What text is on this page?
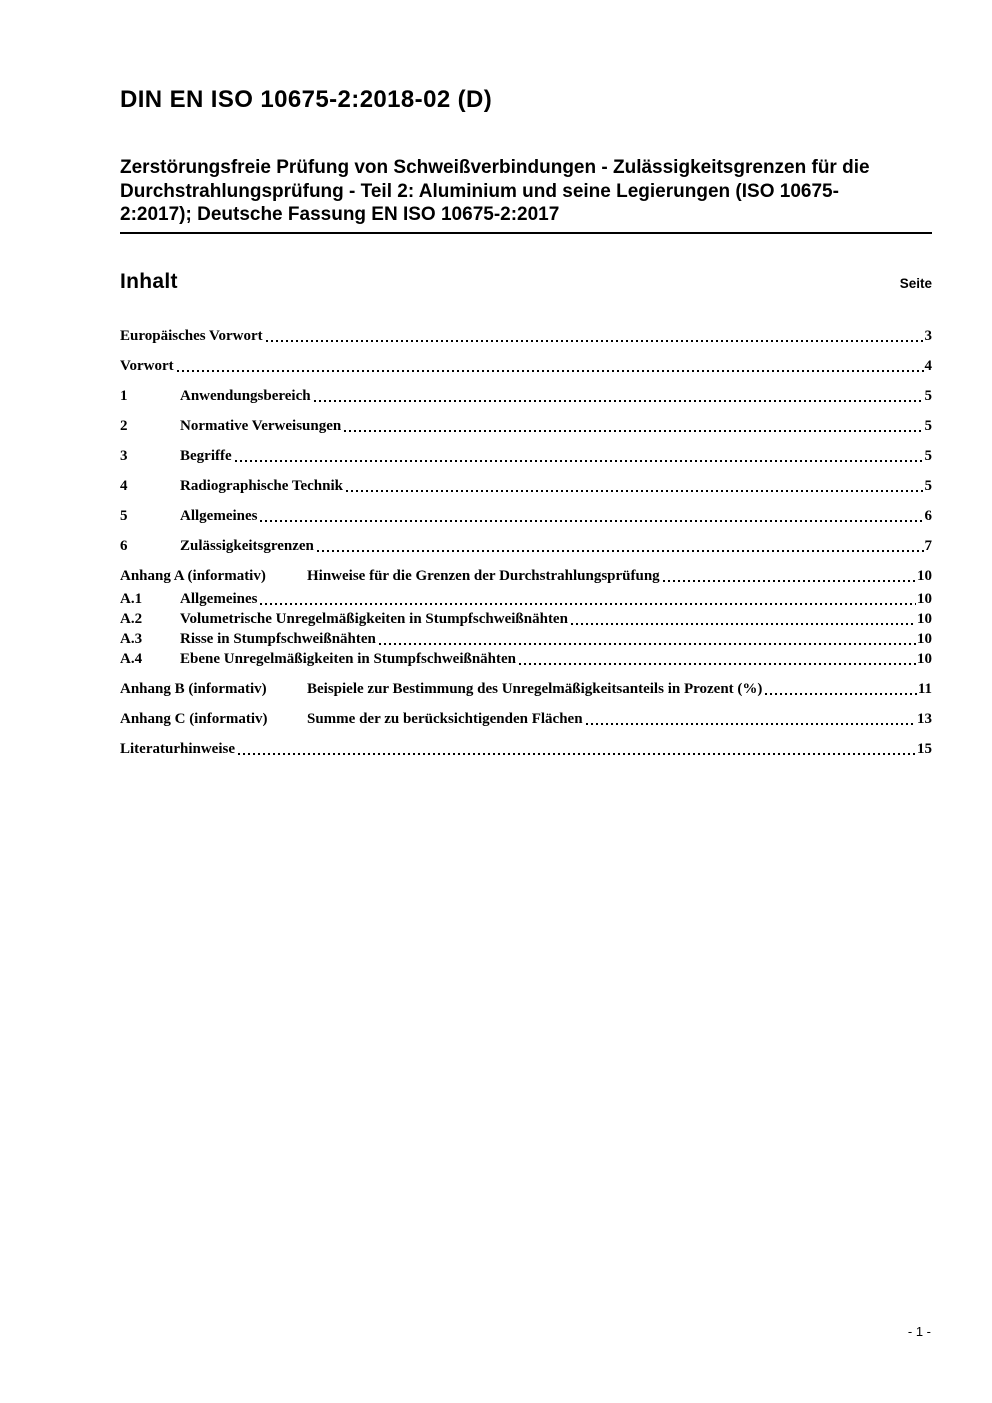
DIN EN ISO 10675-2:2018-02 (D)
Zerstörungsfreie Prüfung von Schweißverbindungen - Zulässigkeitsgrenzen für die
Durchstrahlungsprüfung - Teil 2: Aluminium und seine Legierungen (ISO 10675-
2:2017); Deutsche Fassung EN ISO 10675-2:2017
Inhalt	Seite
Europäisches Vorwort	3
Vorwort	4
1	Anwendungsbereich	5
2	Normative Verweisungen	5
3	Begriffe	5
4	Radiographische Technik	5
5	Allgemeines	6
6	Zulässigkeitsgrenzen	7
Anhang A (informativ)	Hinweise für die Grenzen der Durchstrahlungsprüfung	10
A.1	Allgemeines	10
A.2	Volumetrische Unregelmäßigkeiten in Stumpfschweißnähten	10
A.3	Risse in Stumpfschweißnähten	10
A.4	Ebene Unregelmäßigkeiten in Stumpfschweißnähten	10
Anhang B (informativ)	Beispiele zur Bestimmung des Unregelmäßigkeitsanteils in Prozent (%)	11
Anhang C (informativ)	Summe der zu berücksichtigenden Flächen	13
Literaturhinweise	15
- 1 -
